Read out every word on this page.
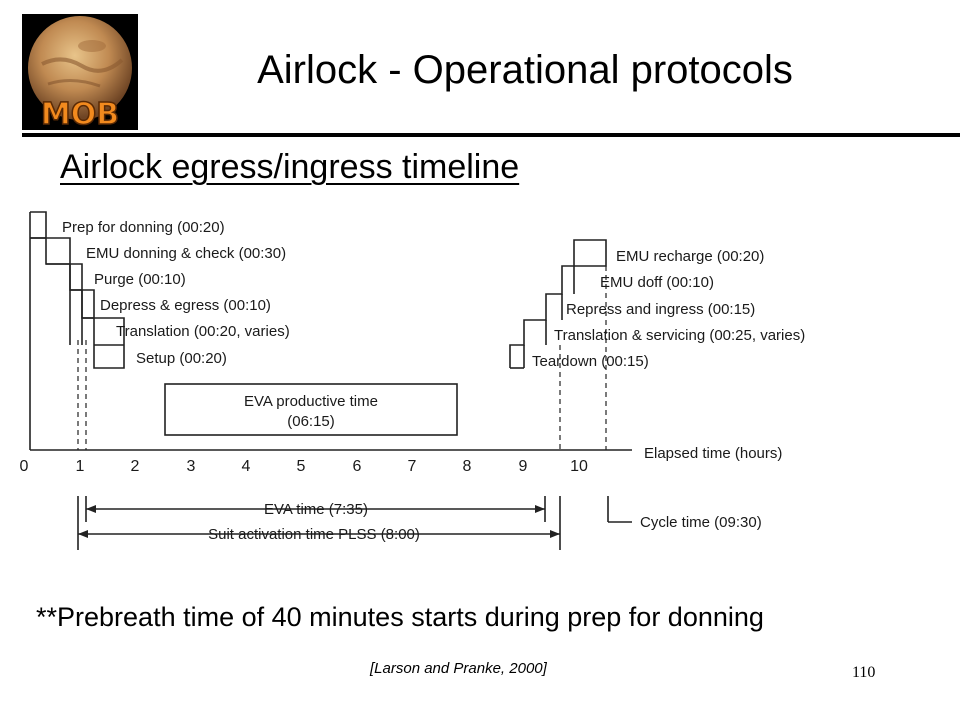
MOB
Airlock - Operational protocols
Airlock egress/ingress timeline
Prep for donning (00:20)
EMU donning & check (00:30)
Purge (00:10)
Depress & egress (00:10)
Translation (00:20, varies)
Setup (00:20)
EMU recharge (00:20)
EMU doff (00:10)
Repress and ingress (00:15)
Translation & servicing (00:25, varies)
Teardown (00:15)
EVA productive time
(06:15)
0	1	2	3	4	5	6	7	8	9	10
Elapsed time (hours)
EVA time (7:35)
Suit activation time PLSS (8:00)
Cycle time (09:30)
**Prebreath time of 40 minutes starts during prep for donning
[Larson and Pranke, 2000]	110
